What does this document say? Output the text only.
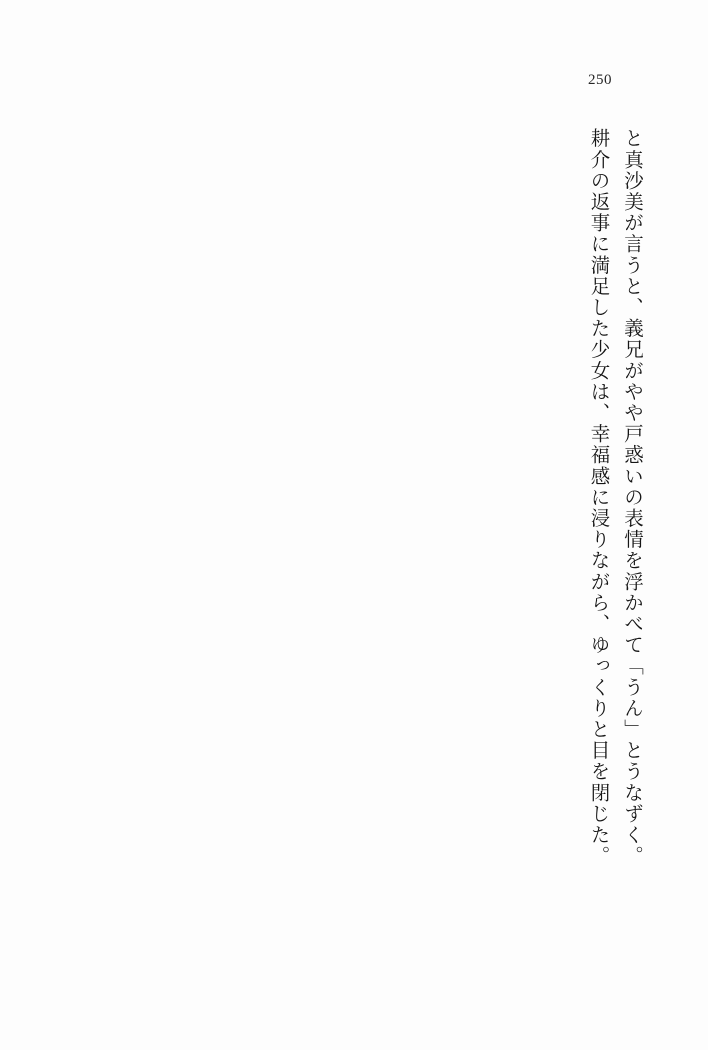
250
と真沙美が言うと、義兄がやや戸惑いの表情を浮かべて「うん」とうなずく。
耕介の返事に満足した少女は、幸福感に浸りながら、ゆっくりと目を閉じた。
